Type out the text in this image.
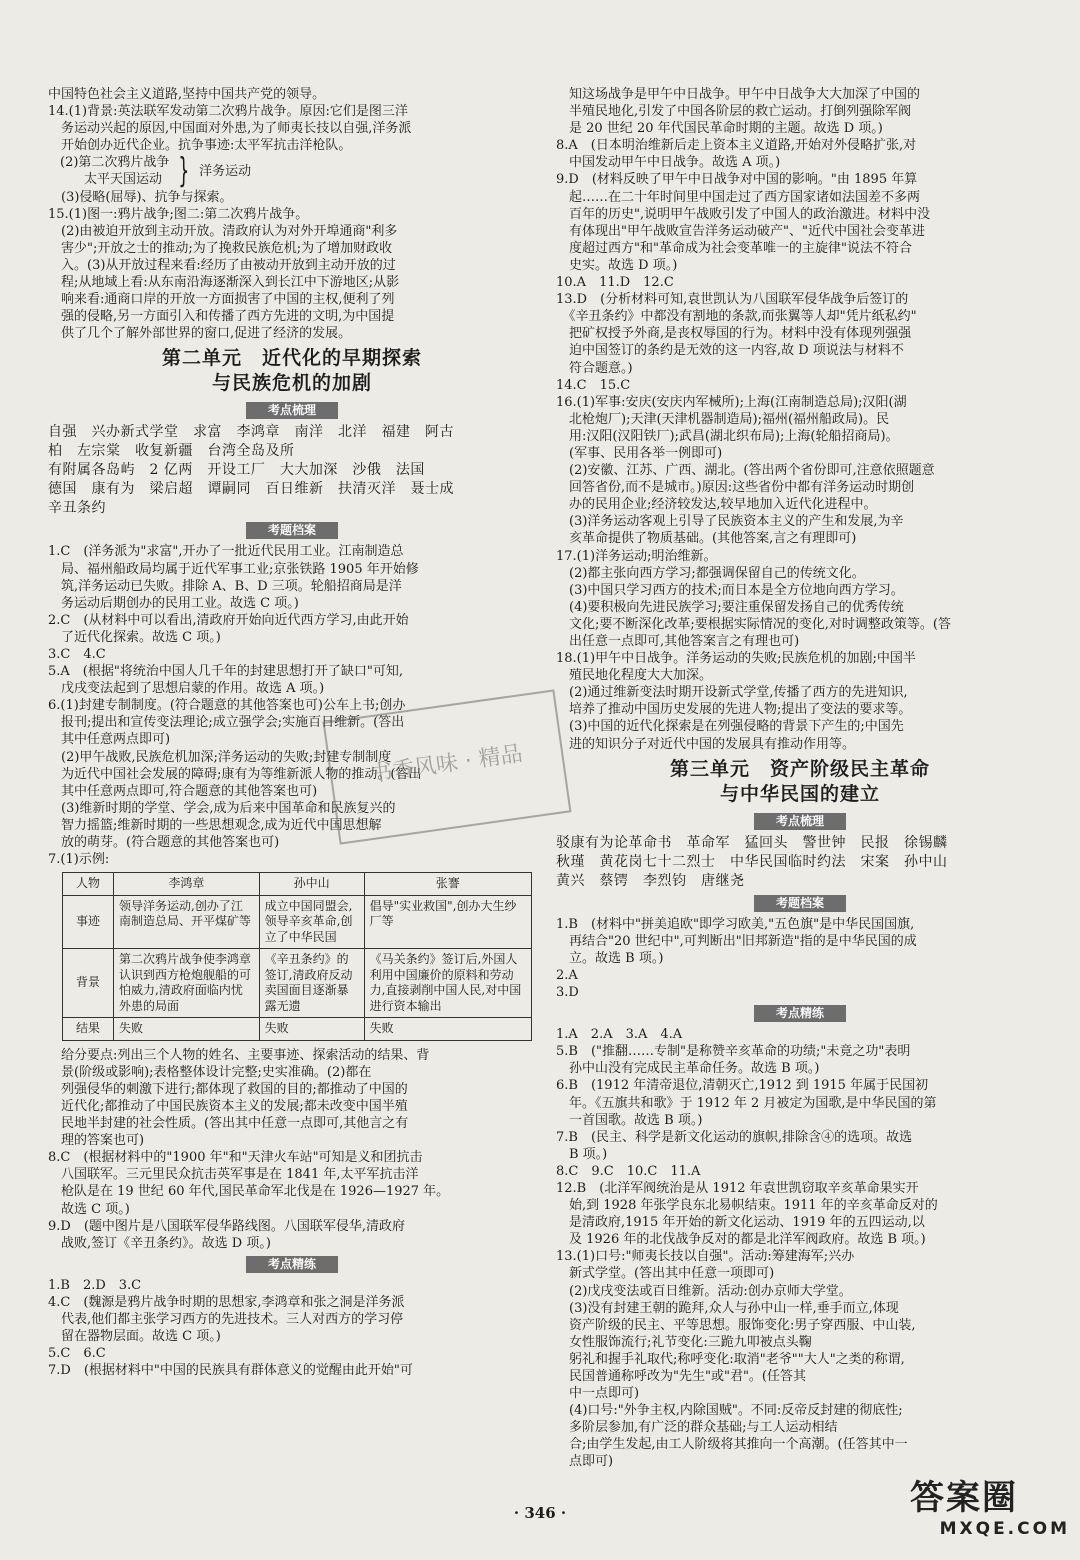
中国特色社会主义道路,坚持中国共产党的领导。
14.(1)背景:英法联军发动第二次鸦片战争。原因:它们是图三洋
　务运动兴起的原因,中国面对外患,为了师夷长技以自强,洋务派
　开始创办近代企业。抗争事迹:太平军抗击洋枪队。
(2)第二次鸦片战争
太平天国运动 } 洋务运动
　(3)侵略(屈辱)、抗争与探索。
15.(1)图一:鸦片战争;图二:第二次鸦片战争。
　(2)由被迫开放到主动开放。清政府认为对外开埠通商"利多
　害少";开放之士的推动;为了挽救民族危机;为了增加财政收
　入。(3)从开放过程来看:经历了由被动开放到主动开放的过
　程;从地域上看:从东南沿海逐渐深入到长江中下游地区;从影
　响来看:通商口岸的开放一方面损害了中国的主权,便利了列
　强的侵略,另一方面引入和传播了西方先进的文明,为中国提
　供了几个了解外部世界的窗口,促进了经济的发展。
第二单元　近代化的早期探索
与民族危机的加剧
考点梳理
自强　兴办新式学堂　求富　李鸿章　南洋　北洋　福建　阿古
柏　左宗棠　收复新疆　台湾全岛及所
有附属各岛屿　2 亿两　开设工厂　大大加深　沙俄　法国
德国　康有为　梁启超　谭嗣同　百日维新　扶清灭洋　聂士成
辛丑条约
考题档案
1.C　(洋务派为"求富",开办了一批近代民用工业。江南制造总
　局、福州船政局均属于近代军事工业;京张铁路 1905 年开始修
　筑,洋务运动已失败。排除 A、B、D 三项。轮船招商局是洋
　务运动后期创办的民用工业。故选 C 项。)
2.C　(从材料中可以看出,清政府开始向近代西方学习,由此开始
　了近代化探索。故选 C 项。)
3.C　4.C
5.A　(根据"将统治中国人几千年的封建思想打开了缺口"可知,
　戊戌变法起到了思想启蒙的作用。故选 A 项。)
6.(1)封建专制制度。(符合题意的其他答案也可)公车上书;创办
　报刊;提出和宣传变法理论;成立强学会;实施百日维新。(答出
　其中任意两点即可)
　(2)甲午战败,民族危机加深;洋务运动的失败;封建专制制度
　为近代中国社会发展的障碍;康有为等维新派人物的推动。(答出
　其中任意两点即可,符合题意的其他答案也可)
　(3)维新时期的学堂、学会,成为后来中国革命和民族复兴的
　智力摇篮;维新时期的一些思想观念,成为近代中国思想解
　放的萌芽。(符合题意的其他答案也可)
7.(1)示例:
人物	李鸿章	孙中山	张謇
事迹	领导洋务运动,创办了江南制造总局、开平煤矿等	成立中国同盟会,领导辛亥革命,创立了中华民国	倡导"实业救国",创办大生纱厂等
背景	第二次鸦片战争使李鸿章认识到西方枪炮舰船的可怕威力,清政府面临内忧外患的局面	《辛丑条约》的签订,清政府反动卖国面目逐渐暴露无遗	《马关条约》签订后,外国人利用中国廉价的原料和劳动力,直接剥削中国人民,对中国进行资本输出
结果	失败	失败	失败
　给分要点:列出三个人物的姓名、主要事迹、探索活动的结果、背
　景(阶级或影响);表格整体设计完整;史实准确。(2)都在
　列强侵华的刺激下进行;都体现了救国的目的;都推动了中国的
　近代化;都推动了中国民族资本主义的发展;都未改变中国半殖
　民地半封建的社会性质。(答出其中任意一点即可,其他言之有
　理的答案也可)
8.C　(根据材料中的"1900 年"和"天津火车站"可知是义和团抗击
　八国联军。三元里民众抗击英军事是在 1841 年,太平军抗击洋
　枪队是在 19 世纪 60 年代,国民革命军北伐是在 1926—1927 年。
　故选 C 项。)
9.D　(题中图片是八国联军侵华路线图。八国联军侵华,清政府
　战败,签订《辛丑条约》。故选 D 项。)
考点精练
1.B　2.D　3.C
4.C　(魏源是鸦片战争时期的思想家,李鸿章和张之洞是洋务派
　代表,他们都主张学习西方的先进技术。三人对西方的学习停
　留在器物层面。故选 C 项。)
5.C　6.C
7.D　(根据材料中"中国的民族具有群体意义的觉醒由此开始"可
　知这场战争是甲午中日战争。甲午中日战争大大加深了中国的
　半殖民地化,引发了中国各阶层的救亡运动。打倒列强除军阀
　是 20 世纪 20 年代国民革命时期的主题。故选 D 项。)
8.A　(日本明治维新后走上资本主义道路,开始对外侵略扩张,对
　中国发动甲午中日战争。故选 A 项。)
9.D　(材料反映了甲午中日战争对中国的影响。"由 1895 年算
　起……在二十年时间里中国走过了西方国家诸如法国差不多两
　百年的历史",说明甲午战败引发了中国人的政治激进。材料中没
　有体现出"甲午战败宣告洋务运动破产"、"近代中国社会变革进
　度超过西方"和"革命成为社会变革唯一的主旋律"说法不符合
　史实。故选 D 项。)
10.A　11.D　12.C
13.D　(分析材料可知,袁世凯认为八国联军侵华战争后签订的
　《辛丑条约》中都没有割地的条款,而张翼等人却"凭片纸私约"
　把矿权授予外商,是丧权辱国的行为。材料中没有体现列强强
　迫中国签订的条约是无效的这一内容,故 D 项说法与材料不
　符合题意。)
14.C　15.C
16.(1)军事:安庆(安庆内军械所);上海(江南制造总局);汉阳(湖
　北枪炮厂);天津(天津机器制造局);福州(福州船政局)。民
　用:汉阳(汉阳铁厂);武昌(湖北织布局);上海(轮船招商局)。
　(军事、民用各举一例即可)
　(2)安徽、江苏、广西、湖北。(答出两个省份即可,注意依照题意
　回答省份,而不是城市。)原因:这些省份中都有洋务运动时期创
　办的民用企业;经济较发达,较早地加入近代化进程中。
　(3)洋务运动客观上引导了民族资本主义的产生和发展,为辛
　亥革命提供了物质基础。(其他答案,言之有理即可)
17.(1)洋务运动;明治维新。
　(2)都主张向西方学习;都强调保留自己的传统文化。
　(3)中国只学习西方的技术;而日本是全方位地向西方学习。
　(4)要积极向先进民族学习;要注重保留发扬自己的优秀传统
　文化;要不断深化改革;要根据实际情况的变化,对时调整政策等。(答
　出任意一点即可,其他答案言之有理也可)
18.(1)甲午中日战争。洋务运动的失败;民族危机的加剧;中国半
　殖民地化程度大大加深。
　(2)通过维新变法时期开设新式学堂,传播了西方的先进知识,
　培养了推动中国历史发展的先进人物;提出了变法的要求等。
　(3)中国的近代化探索是在列强侵略的背景下产生的;中国先
　进的知识分子对近代中国的发展具有推动作用等。
第三单元　资产阶级民主革命
与中华民国的建立
考点梳理
驳康有为论革命书　革命军　猛回头　警世钟　民报　徐锡麟
秋瑾　黄花岗七十二烈士　中华民国临时约法　宋案　孙中山
黄兴　蔡锷　李烈钧　唐继尧
考题档案
1.B　(材料中"拼美追欧"即学习欧美,"五色旗"是中华民国国旗,
　再结合"20 世纪中",可判断出"旧邦新造"指的是中华民国的成
　立。故选 B 项。)
2.A
3.D
考点精练
1.A　2.A　3.A　4.A
5.B　("推翻……专制"是称赞辛亥革命的功绩;"未竟之功"表明
　孙中山没有完成民主革命任务。故选 B 项。)
6.B　(1912 年清帝退位,清朝灭亡,1912 到 1915 年属于民国初
　年。《五旗共和歌》于 1912 年 2 月被定为国歌,是中华民国的第
　一首国歌。故选 B 项。)
7.B　(民主、科学是新文化运动的旗帜,排除含④的选项。故选
　B 项。)
8.C　9.C　10.C　11.A
12.B　(北洋军阀统治是从 1912 年袁世凯窃取辛亥革命果实开
　始,到 1928 年张学良东北易帜结束。1911 年的辛亥革命反对的
　是清政府,1915 年开始的新文化运动、1919 年的五四运动,以
　及 1926 年的北伐战争反对的都是北洋军阀政府。故选 B 项。)
13.(1)口号:"师夷长技以自强"。活动:筹建海军;兴办
　新式学堂。(答出其中任意一项即可)
　(2)戊戌变法或百日维新。活动:创办京师大学堂。
　(3)没有封建王朝的跪拜,众人与孙中山一样,垂手而立,体现
　资产阶级的民主、平等思想。服饰变化:男子穿西服、中山装,
　女性服饰流行;礼节变化:三跪九叩被点头鞠
　躬礼和握手礼取代;称呼变化:取消"老爷""大人"之类的称谓,
　民国普通称呼改为"先生"或"君"。(任答其
　中一点即可)
　(4)口号:"外争主权,内除国贼"。不同:反帝反封建的彻底性;
　多阶层参加,有广泛的群众基础;与工人运动相结
　合;由学生发起,由工人阶级将其推向一个高潮。(任答其中一
　点即可)
书香风味 · 精品
· 346 ·	答案圈
MXQE.COM
